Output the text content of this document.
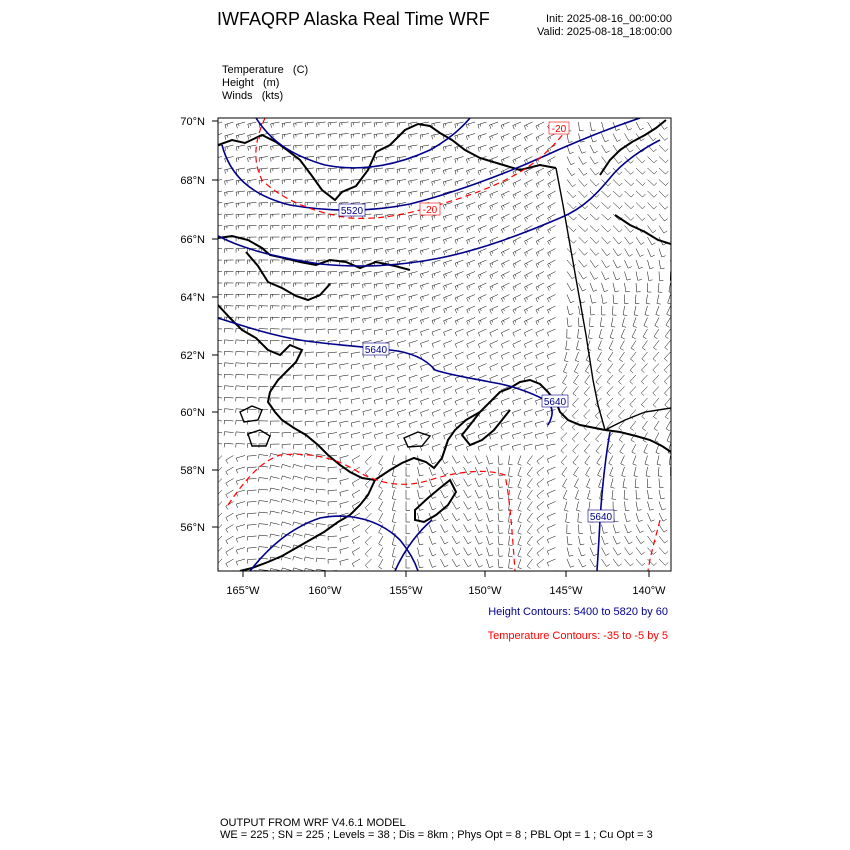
5520
5640
5640
5640
-20
-20
70°N
68°N
66°N
64°N
62°N
60°N
58°N
56°N
165°W	160°W	155°W	150°W	145°W	140°W
IWFAQRP Alaska Real Time WRF	Init: 2025-08-16_00:00:00
Valid: 2025-08-18_18:00:00
Temperature   (C)
Height   (m)
Winds   (kts)
Height Contours: 5400 to 5820 by 60
Temperature Contours: -35 to -5 by 5
OUTPUT FROM WRF V4.6.1 MODEL
WE = 225 ; SN = 225 ; Levels = 38 ; Dis = 8km ; Phys Opt = 8 ; PBL Opt = 1 ; Cu Opt = 3
